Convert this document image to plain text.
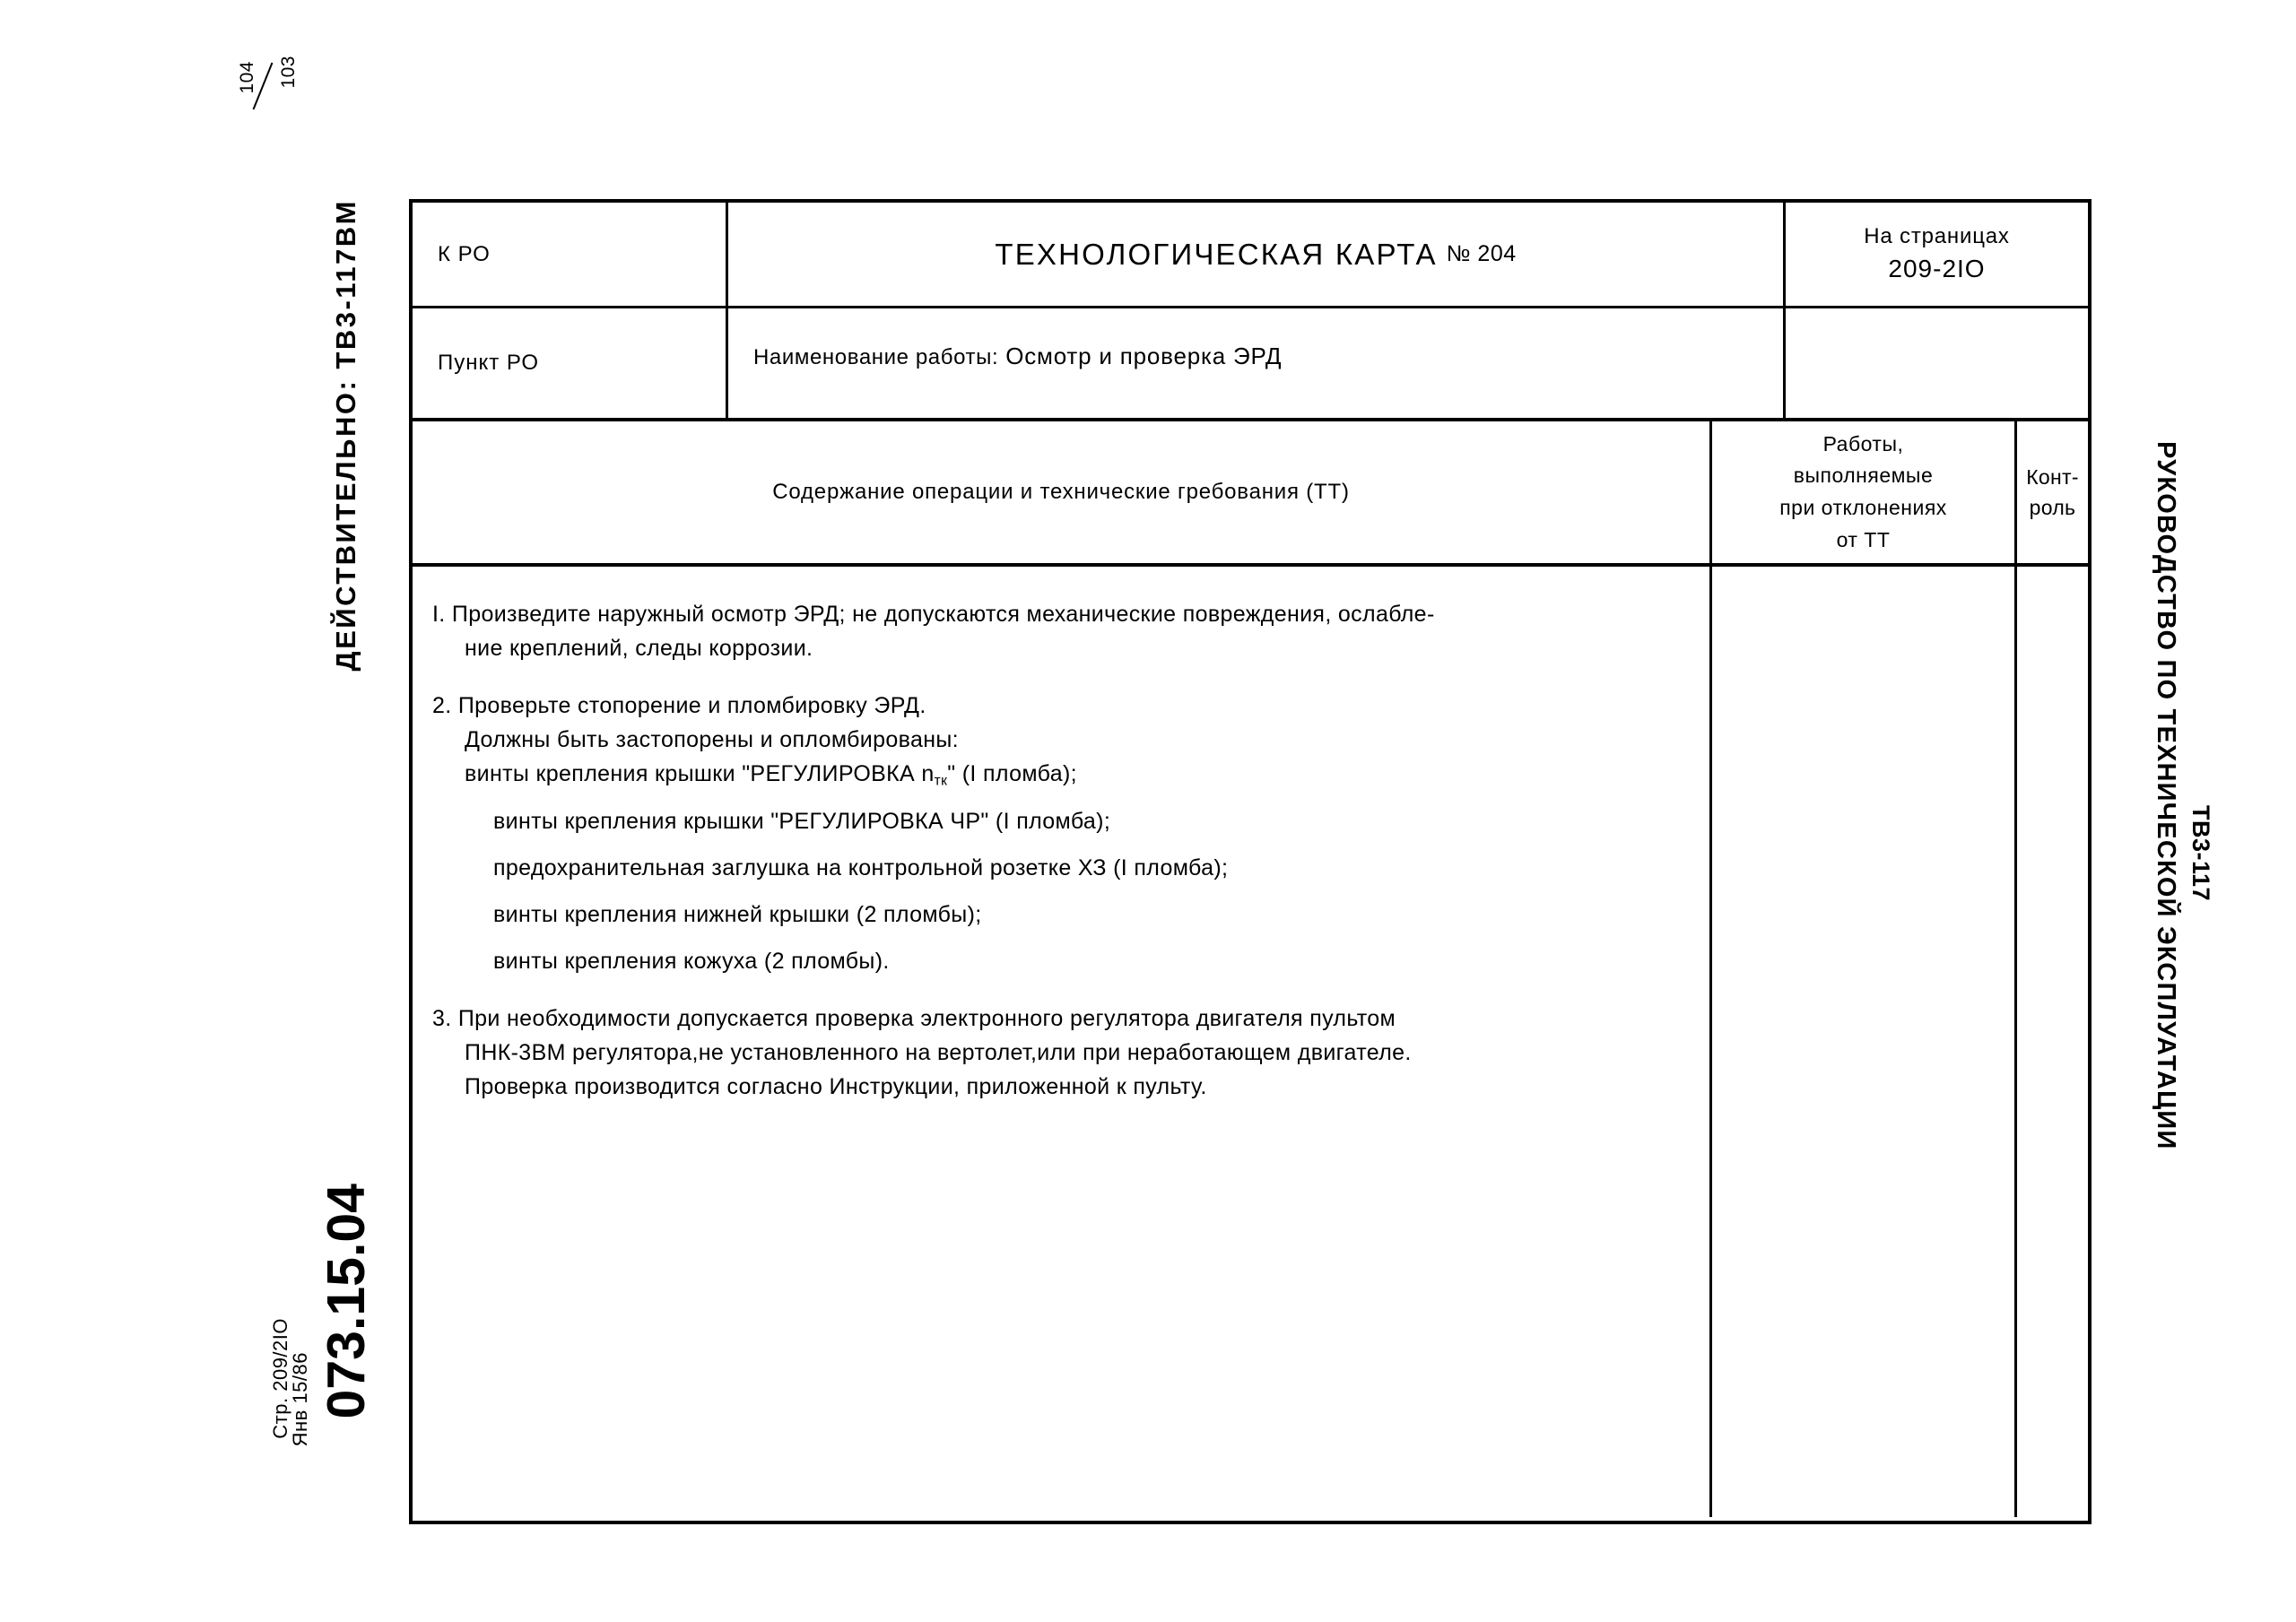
104 103
ДЕЙСТВИТЕЛЬНО: ТВ3-117ВМ
073.15.04
Стр. 209/2IO
Янв 15/86
РУКОВОДСТВО ПО ТЕХНИЧЕСКОЙ ЭКСПЛУАТАЦИИ ТВ3-117
К РО	ТЕХНОЛОГИЧЕСКАЯ КАРТА № 204
На страницах
209-2IO
Пункт РО	Наименование работы: Осмотр и проверка ЭРД
Содержание операции и технические гребования (ТТ)
Работы,
выполняемые
при отклонениях
от ТТ
Конт-
роль
I. Произведите наружный осмотр ЭРД; не допускаются механические повреждения, ослабле-
ние креплений, следы коррозии.
2. Проверьте стопорение и пломбировку ЭРД.
Должны быть застопорены и опломбированы:
винты крепления крышки "РЕГУЛИРОВКА $n_{тк}$" (I пломба);
винты крепления крышки "РЕГУЛИРОВКА ЧР" (I пломба);
предохранительная заглушка на контрольной розетке ХЗ (I пломба);
винты крепления нижней крышки (2 пломбы);
винты крепления кожуха (2 пломбы).
3. При необходимости допускается проверка электронного регулятора двигателя пультом
ПНК-3ВМ регулятора,не установленного на вертолет,или при неработающем двигателе.
Проверка производится согласно Инструкции, приложенной к пульту.
